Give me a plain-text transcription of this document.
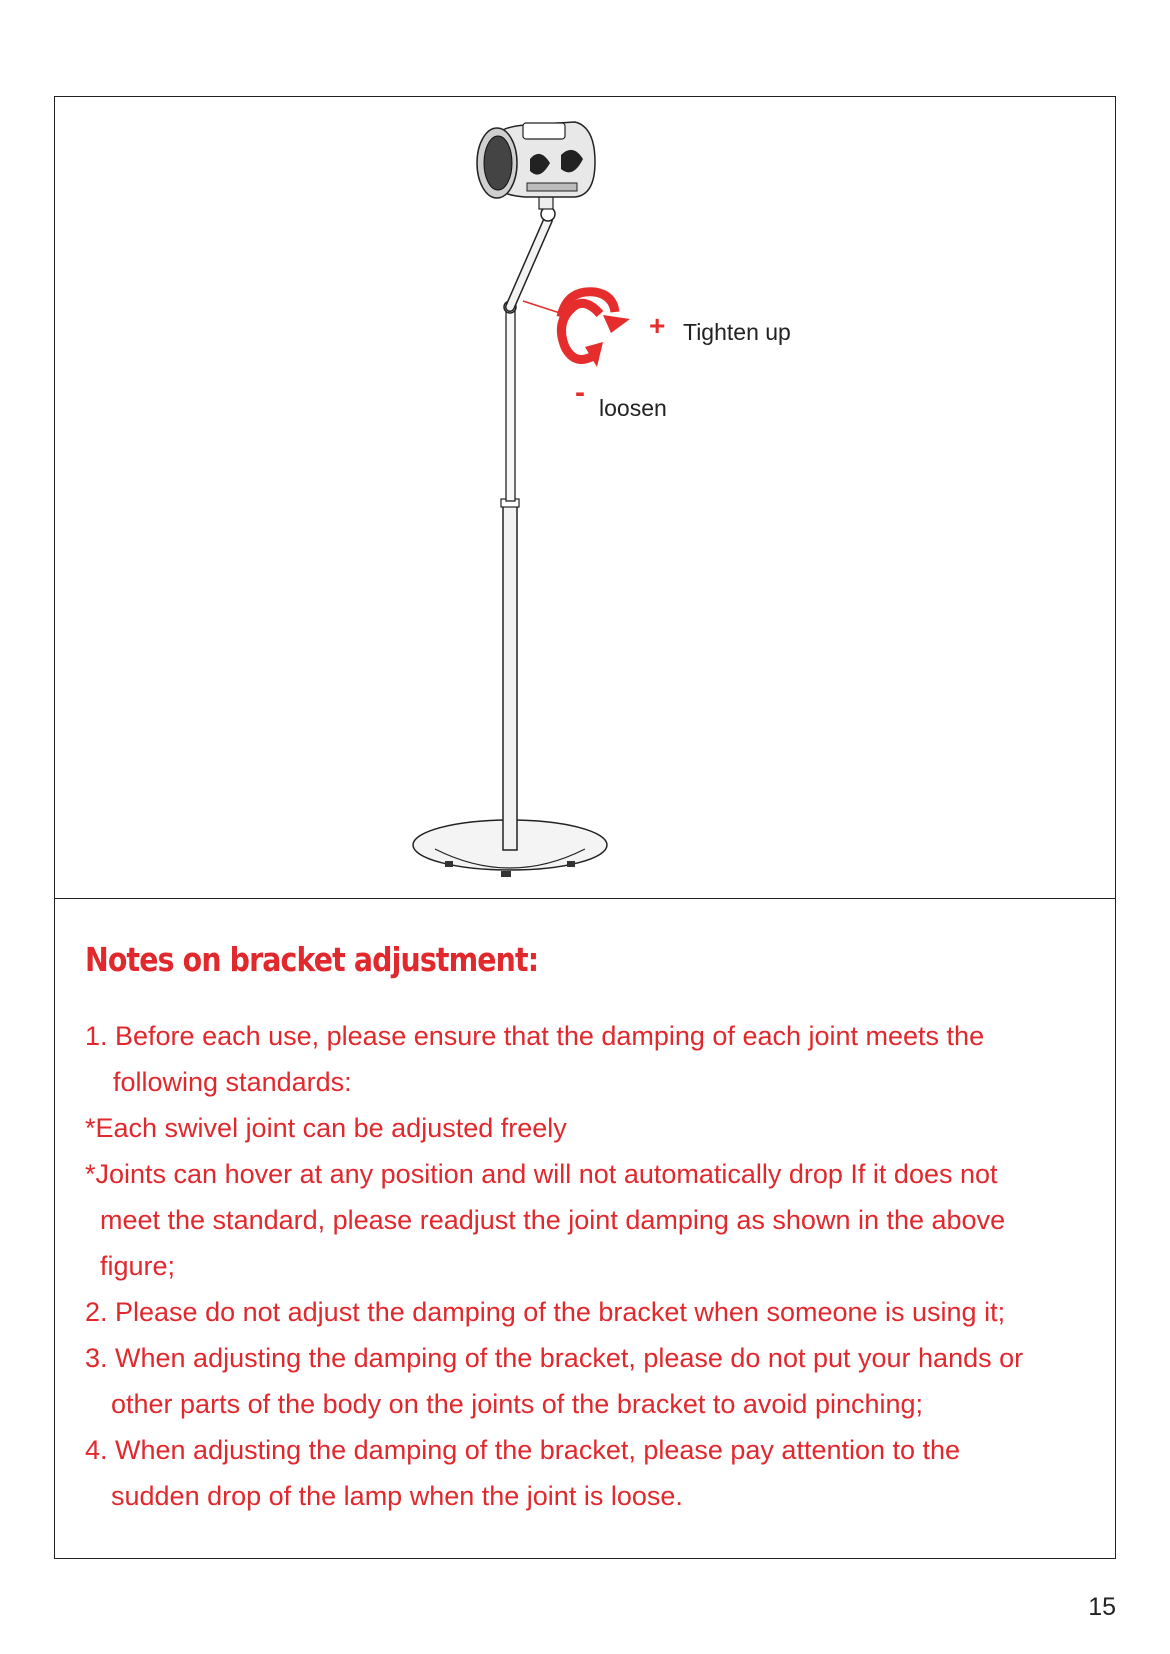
+ Tighten up
- loosen
Notes on bracket adjustment:

1. Before each use, please ensure that the damping of each joint meets the
following standards:

*Each swivel joint can be adjusted freely

*Joints can hover at any position and will not automatically drop If it does not
meet the standard, please readjust the joint damping as shown in the above
figure;

2. Please do not adjust the damping of the bracket when someone is using it;

3. When adjusting the damping of the bracket, please do not put your hands or
other parts of the body on the joints of the bracket to avoid pinching;

4. When adjusting the damping of the bracket, please pay attention to the
sudden drop of the lamp when the joint is loose.

15
